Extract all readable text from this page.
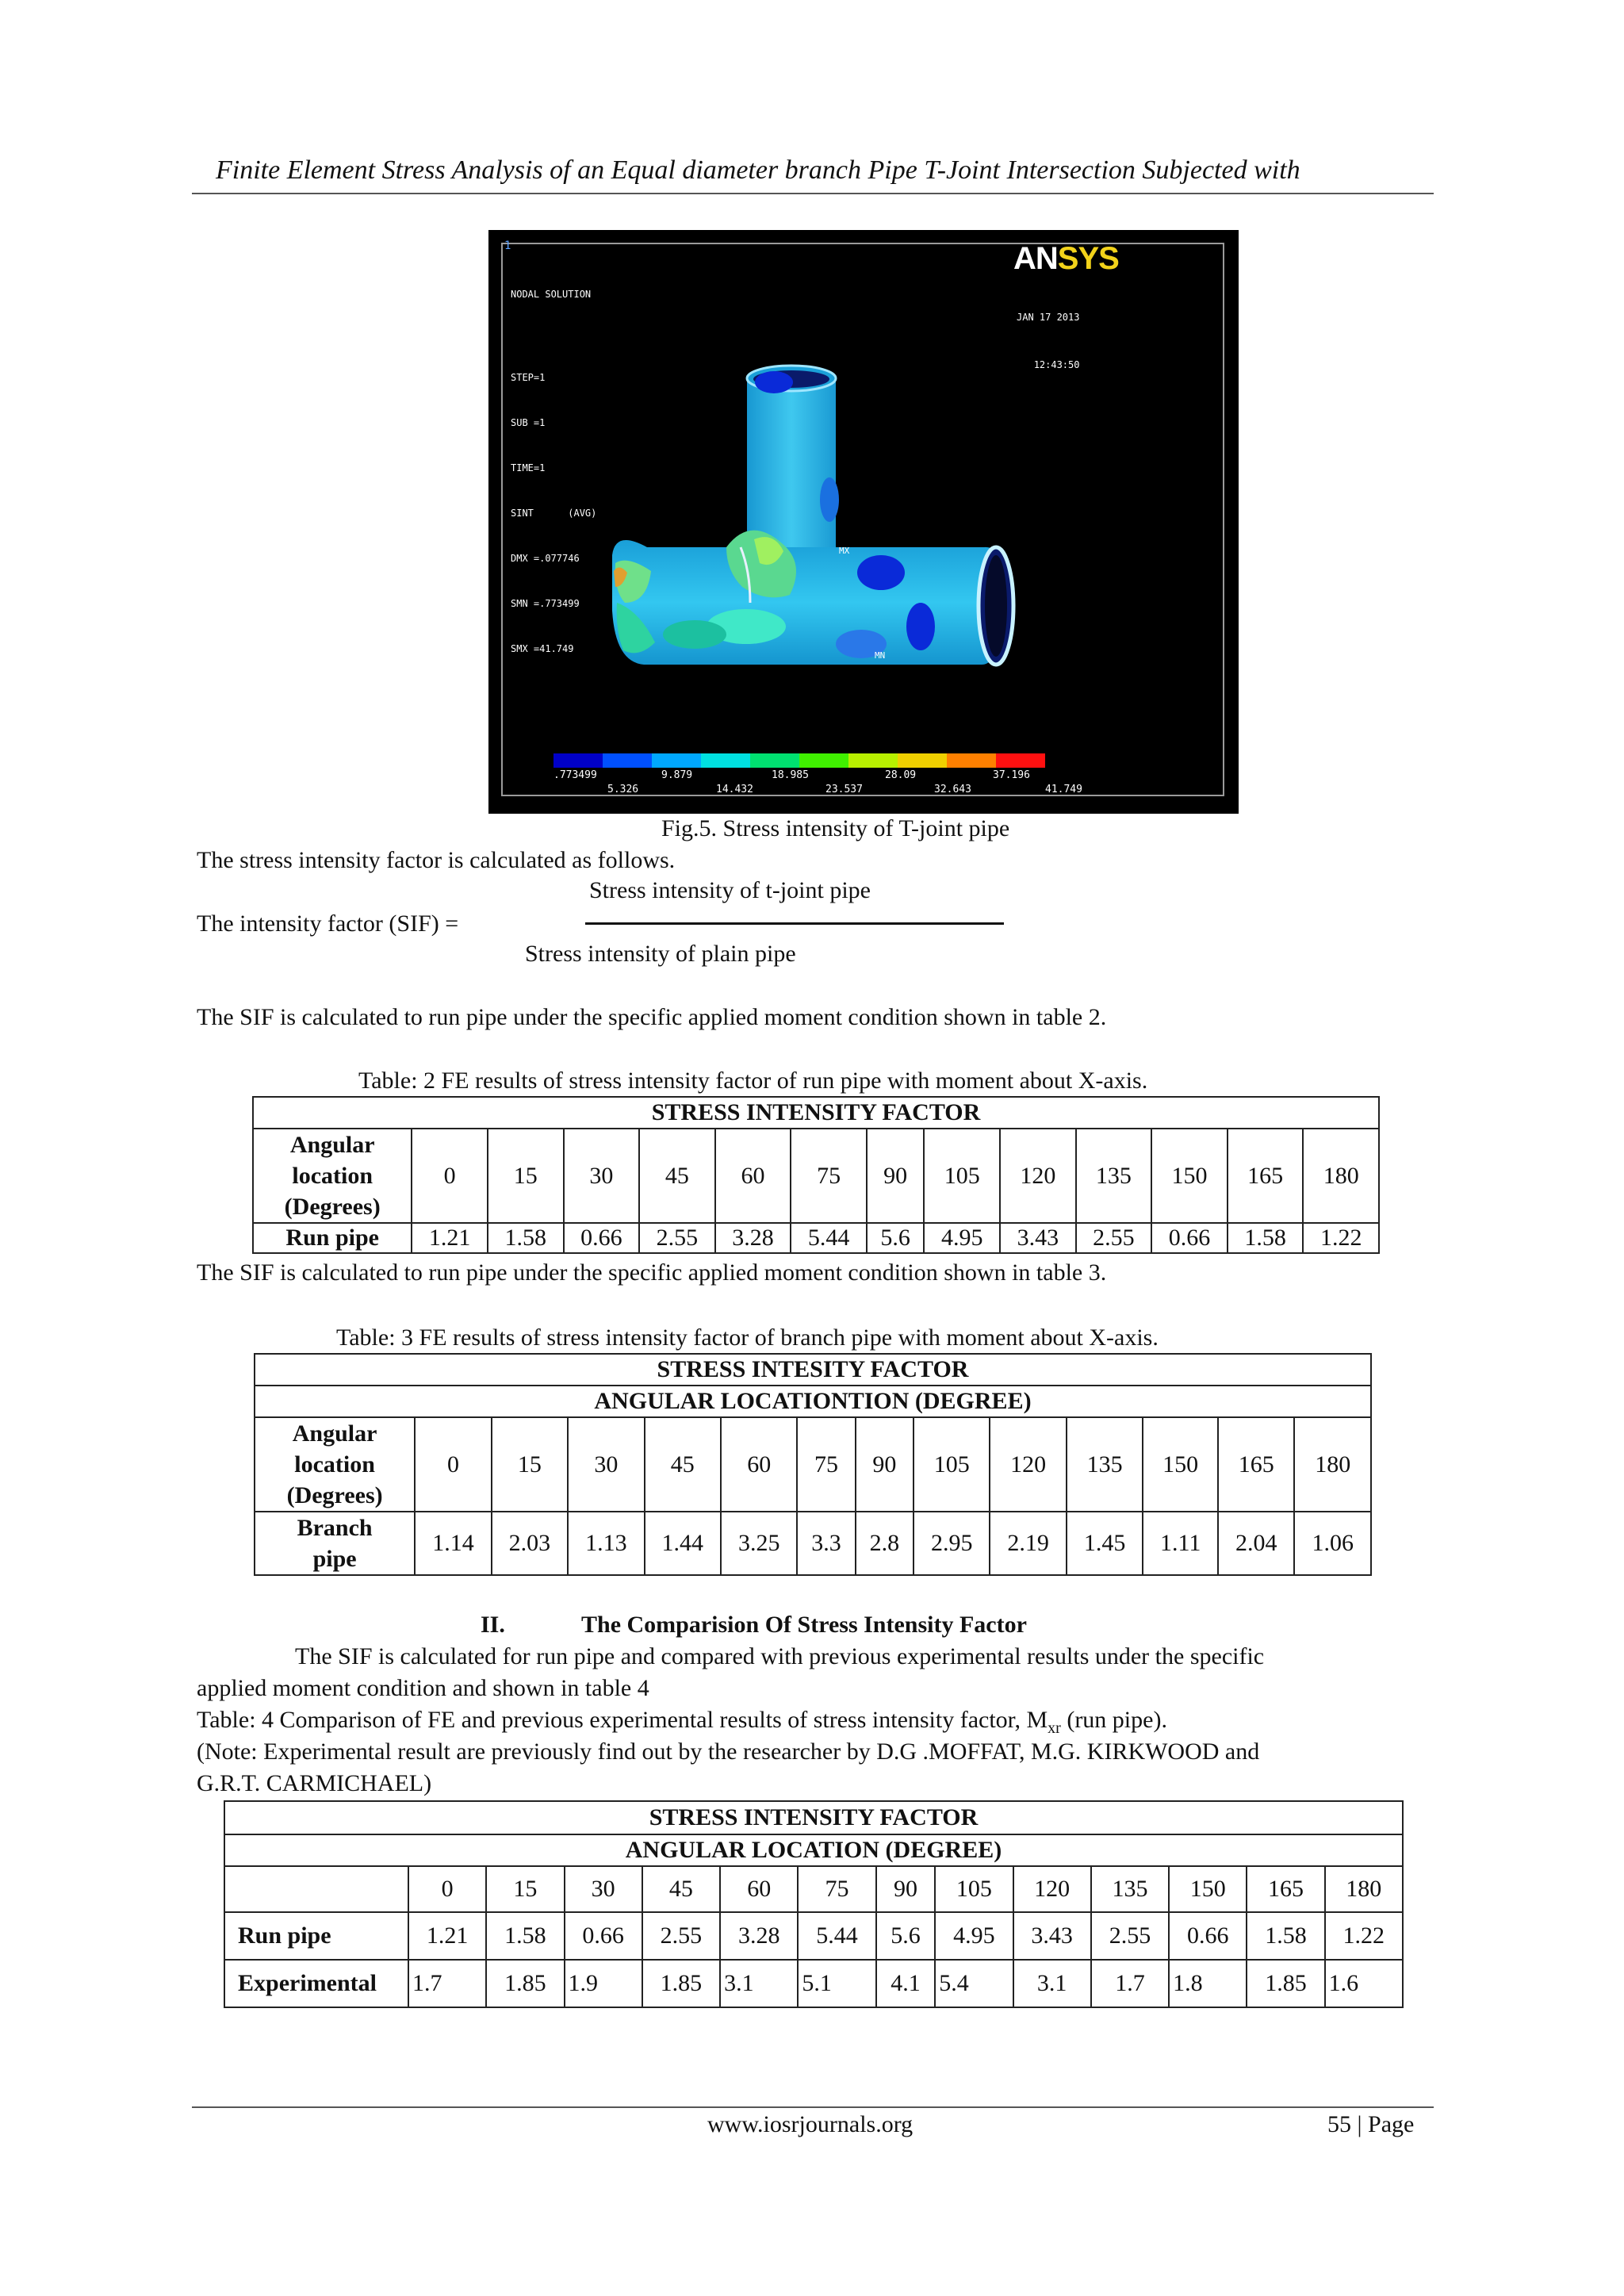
Finite Element Stress Analysis of an Equal diameter branch Pipe T-Joint Intersection Subjected with
MX
MN
1

NODAL SOLUTION

STEP=1

SUB =1

TIME=1

SINT      (AVG)

DMX =.077746

SMN =.773499

SMX =41.749

ANSYS

JAN 17 2013

12:43:50

.773499	9.879	18.985	28.09	37.196
5.326	14.432	23.537	32.643	41.749
Fig.5. Stress intensity of T-joint pipe
The stress intensity factor is calculated as follows.
Stress intensity of t-joint pipe
The intensity factor (SIF) =
Stress intensity of plain pipe
The SIF is calculated to run pipe under the specific applied moment condition shown in table 2.
Table: 2 FE results of stress intensity factor of run pipe with moment about X-axis.
STRESS INTENSITY FACTOR													

Angular
location
(Degrees)	0	15	30	45	60	75	90	105	120	135	150	165	180
Run pipe	1.21	1.58	0.66	2.55	3.28	5.44	5.6	4.95	3.43	2.55	0.66	1.58	1.22
The SIF is calculated to run pipe under the specific applied moment condition shown in table 3.
Table: 3 FE results of stress intensity factor of branch pipe with moment about X-axis.
STRESS INTESITY FACTOR													
ANGULAR LOCATIONTION (DEGREE)													

Angular
location
(Degrees)	0	15	30	45	60	75	90	105	120	135	150	165	180

Branch
pipe	1.14	2.03	1.13	1.44	3.25	3.3	2.8	2.95	2.19	1.45	1.11	2.04	1.06
II.	The Comparision Of Stress Intensity Factor
The SIF is calculated for run pipe and compared with previous experimental results under the specific
applied moment condition and shown in table 4
Table: 4 Comparison of FE and previous experimental results of stress intensity factor, $M_{xr}$ (run pipe).
(Note: Experimental result are previously find out by the researcher by D.G .MOFFAT, M.G. KIRKWOOD and
G.R.T. CARMICHAEL)
STRESS INTENSITY FACTOR													
ANGULAR LOCATION (DEGREE)													
	0	15	30	45	60	75	90	105	120	135	150	165	180
Run pipe	1.21	1.58	0.66	2.55	3.28	5.44	5.6	4.95	3.43	2.55	0.66	1.58	1.22
Experimental	1.7	1.85	1.9	1.85	3.1	5.1	4.1	5.4	3.1	1.7	1.8	1.85	1.6
www.iosrjournals.org	55 | Page
